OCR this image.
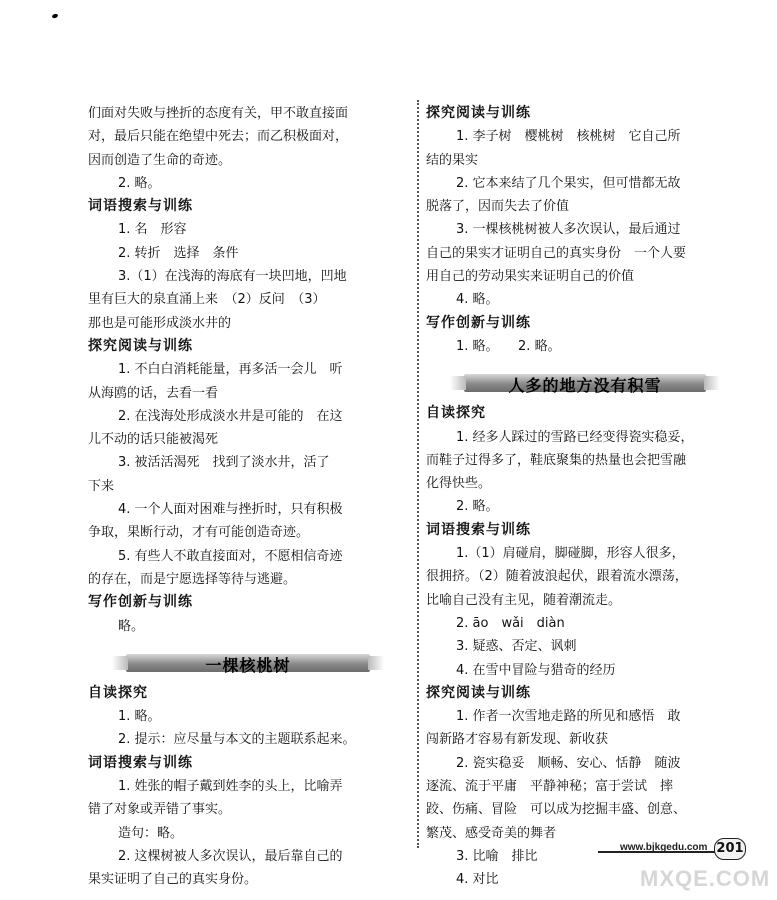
们面对失败与挫折的态度有关，甲不敢直接面
对，最后只能在绝望中死去；而乙积极面对，
因而创造了生命的奇迹。
2. 略。
词语搜索与训练
1. 名　形容
2. 转折　选择　条件
3.（1）在浅海的海底有一块凹地，凹地
里有巨大的泉直涌上来　（2）反问　（3）
那也是可能形成淡水井的
探究阅读与训练
1. 不白白消耗能量，再多活一会儿　听
从海鸥的话，去看一看
2. 在浅海处形成淡水井是可能的　在这
儿不动的话只能被渴死
3. 被活活渴死　找到了淡水井，活了
下来
4. 一个人面对困难与挫折时，只有积极
争取，果断行动，才有可能创造奇迹。
5. 有些人不敢直接面对，不愿相信奇迹
的存在，而是宁愿选择等待与逃避。
写作创新与训练
略。
一棵核桃树
自读探究
1. 略。
2. 提示：应尽量与本文的主题联系起来。
词语搜索与训练
1. 姓张的帽子戴到姓李的头上，比喻弄
错了对象或弄错了事实。
造句：略。
2. 这棵树被人多次误认，最后靠自己的
果实证明了自己的真实身份。
探究阅读与训练
1. 李子树　樱桃树　核桃树　它自己所
结的果实
2. 它本来结了几个果实，但可惜都无故
脱落了，因而失去了价值
3. 一棵核桃树被人多次误认，最后通过
自己的果实才证明自己的真实身份　一个人要
用自己的劳动果实来证明自己的价值
4. 略。
写作创新与训练
1. 略。　　2. 略。
人多的地方没有积雪
自读探究
1. 经多人踩过的雪路已经变得瓷实稳妥，
而鞋子过得多了，鞋底聚集的热量也会把雪融
化得快些。
2. 略。
词语搜索与训练
1.（1）肩碰肩，脚碰脚，形容人很多，
很拥挤。（2）随着波浪起伏，跟着流水漂荡，
比喻自己没有主见，随着潮流走。
2. āo　wǎi　diàn
3. 疑惑、否定、讽刺
4. 在雪中冒险与猎奇的经历
探究阅读与训练
1. 作者一次雪地走路的所见和感悟　敢
闯新路才容易有新发现、新收获
2. 瓷实稳妥　顺畅、安心、恬静　随波
逐流、流于平庸　平静神秘；富于尝试　摔
跤、伤痛、冒险　可以成为挖掘丰盛、创意、
繁茂、感受奇美的舞者
3. 比喻　排比
4. 对比
www.bjkgedu.com 201
MXQE.COM
